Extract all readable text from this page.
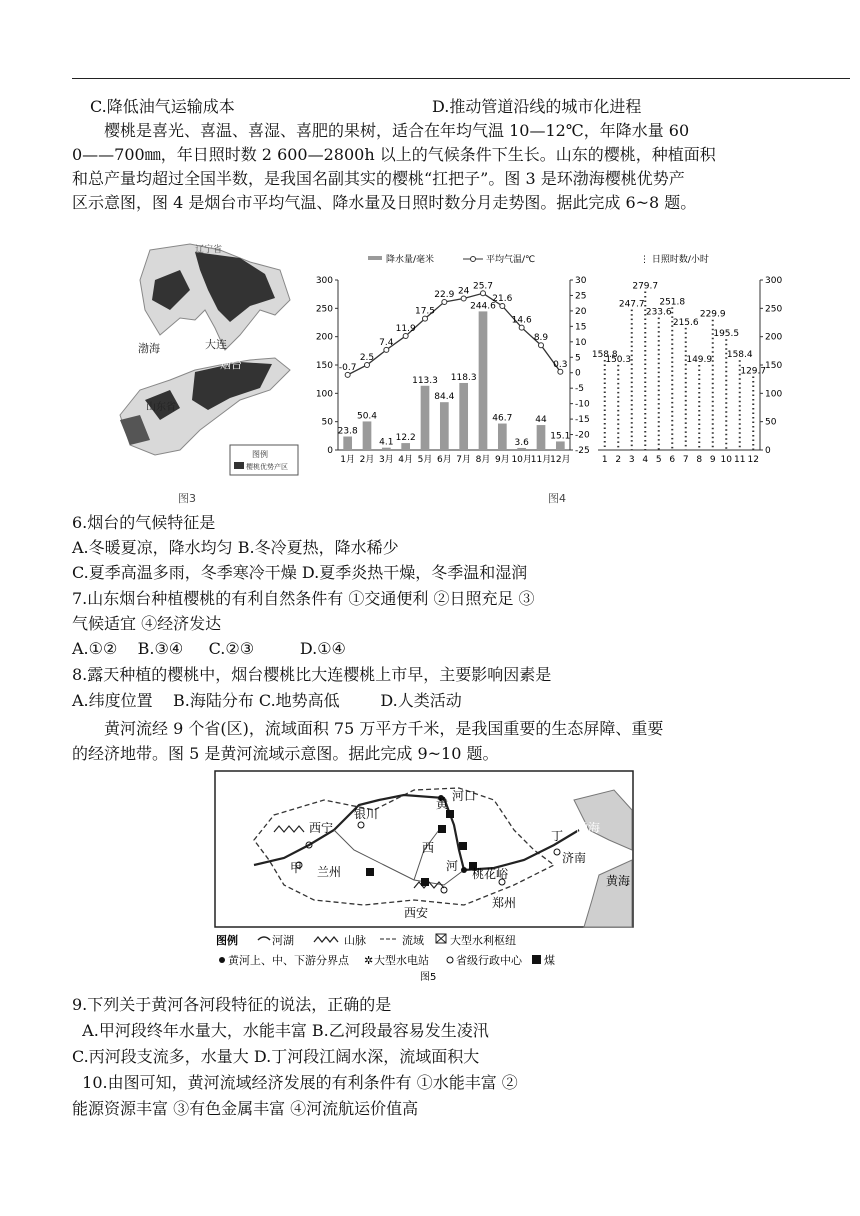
C.降低油气运输成本	D.推动管道沿线的城市化进程
樱桃是喜光、喜温、喜湿、喜肥的果树，适合在年均气温 10—12℃，年降水量 60
0——700㎜，年日照时数 2 600—2800h 以上的气候条件下生长。山东的樱桃，种植面积
和总产量均超过全国半数，是我国名副其实的樱桃“扛把子”。图 3 是环渤海樱桃优势产
区示意图，图 4 是烟台市平均气温、降水量及日照时数分月走势图。据此完成 6~8 题。
辽宁省
渤海	大连
烟台
山东省
图例
樱桃优势产区
图3
0
50
100
150
200
250
300
-25
-20
-15
-10
-5
0
5
10
15
20
25
30
23.8
1月
50.4
2月
4.1
3月
12.2
4月
113.3
5月
84.4
6月
118.3
7月
244.6
8月
46.7
9月
3.6
10月
44
11月
15.1
12月
-0.7
2.5
7.4
11.9
17.5
22.9 24
25.7
21.6
14.6
8.9
0.3
降水量/毫米	平均气温/℃
0
50
100
150
200
250
300
158.8
1
150.3
2
247.7
3
279.7
4
233.6
5
251.8
6
215.6
7
149.9
8
229.9
9
195.5
10
158.4
11
129.7
12
⋮ 日照时数/小时
图4
6.烟台的气候特征是
A.冬暖夏凉，降水均匀 B.冬冷夏热，降水稀少
C.夏季高温多雨，冬季寒冷干燥 D.夏季炎热干燥，冬季温和湿润
7.山东烟台种植樱桃的有利自然条件有 ①交通便利 ②日照充足 ③
气候适宜 ④经济发达
A.①②    B.③④     C.②③         D.①④
8.露天种植的樱桃中，烟台樱桃比大连樱桃上市早，主要影响因素是
A.纬度位置    B.海陆分布 C.地势高低        D.人类活动
黄河流经 9 个省(区)，流域面积 75 万平方千米，是我国重要的生态屏障、重要
的经济地带。图 5 是黄河流域示意图。据此完成 9~10 题。
西宁
银川
黄
河口
西
河
甲 兰州	桃花峪
丁
济南
渤海
黄海
西安
郑州
图例	河湖	山脉	流域 大型水利枢纽
黄河上、中、下游分界点 ✲ 大型水电站 省级行政中心 煤
图5
9.下列关于黄河各河段特征的说法，正确的是
A.甲河段终年水量大，水能丰富 B.乙河段最容易发生凌汛
C.丙河段支流多，水量大 D.丁河段江阔水深，流域面积大
10.由图可知，黄河流域经济发展的有利条件有 ①水能丰富 ②
能源资源丰富 ③有色金属丰富 ④河流航运价值高
